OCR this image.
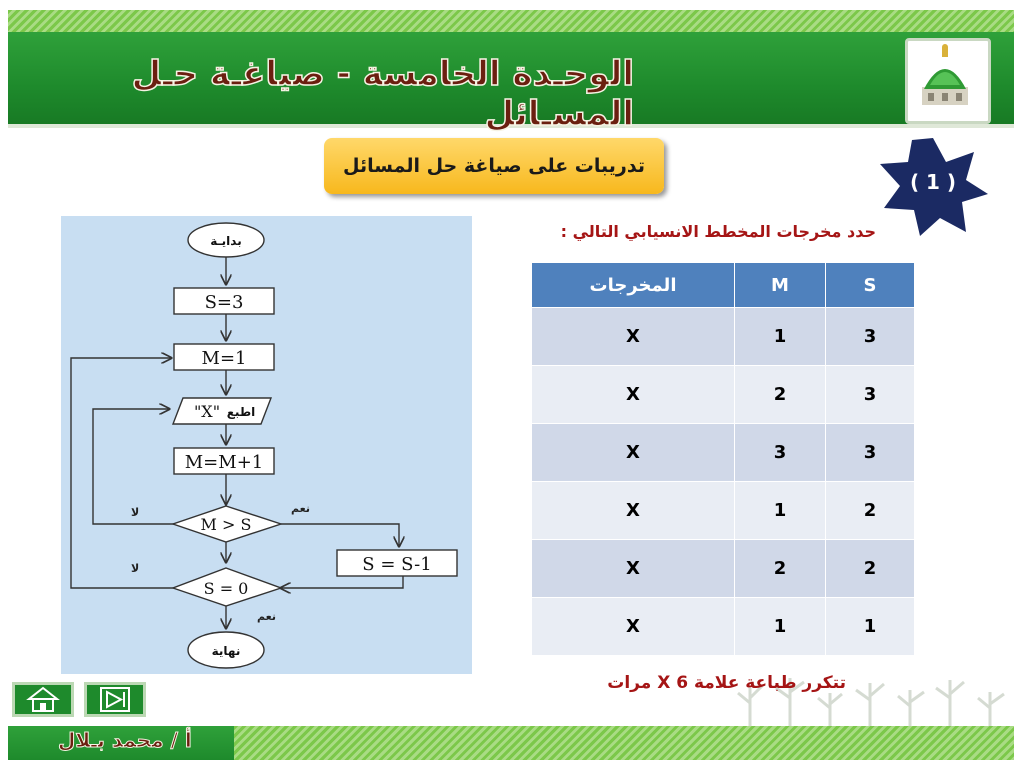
الوحـدة الخامسة - صياغـة حـل المسـائل
تدريبات على صياغة حل المسائل
( 1 )
بدايـة
S=3
M=1
اطبع
"X"
M=M+1
M > S
S = S-1
S = 0
نهاية
نعم
لا
لا
نعم
حدد مخرجات المخطط الانسيابي التالي :
المخرجات	M	S
X	1	3
X	2	3
X	3	3
X	1	2
X	2	2
X	1	1
تتكرر طباعة علامة X 6 مرات
أ / محمد بـلال
